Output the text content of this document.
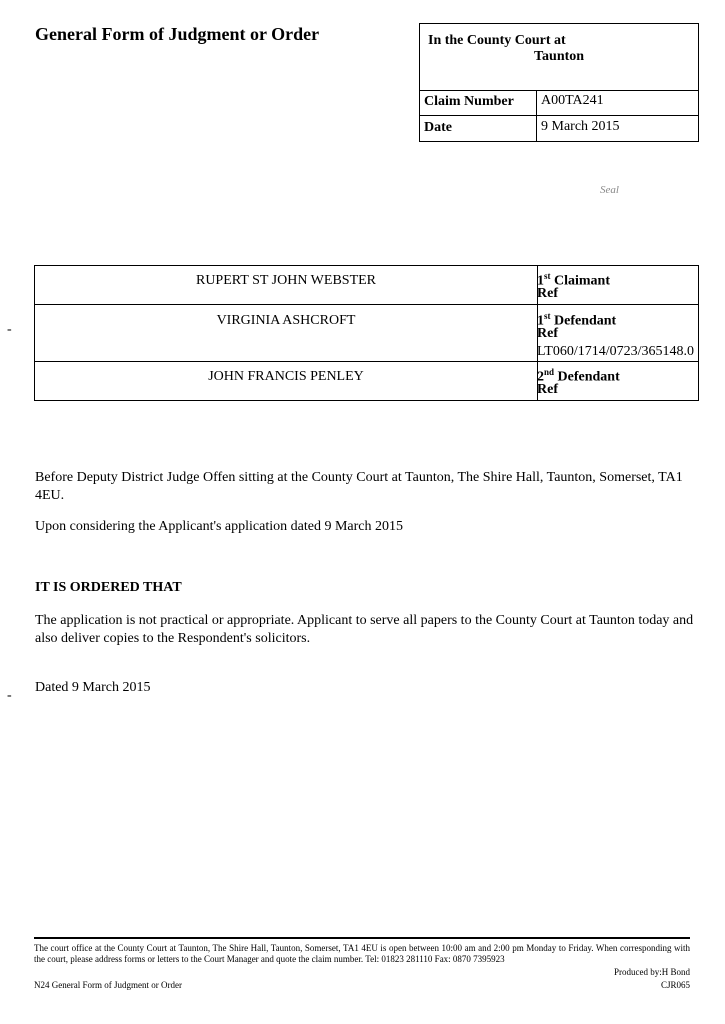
General Form of Judgment or Order	In the County Court at
Taunton
Claim Number A00TA241
Date	9 March 2015
Seal
RUPERT ST JOHN WEBSTER	1st Claimant
Ref
VIRGINIA ASHCROFT	1st Defendant
Ref
LT060/1714/0723/365148.0
JOHN FRANCIS PENLEY	2nd Defendant
Ref
-
Before Deputy District Judge Offen sitting at the County Court at Taunton, The Shire Hall, Taunton, Somerset, TA1 4EU.
Upon considering the Applicant's application dated 9 March 2015
IT IS ORDERED THAT
The application is not practical or appropriate. Applicant to serve all papers to the County Court at Taunton today and also deliver copies to the Respondent's solicitors.
Dated 9 March 2015
-
The court office at the County Court at Taunton, The Shire Hall, Taunton, Somerset, TA1 4EU is open between 10:00 am and 2:00 pm Monday to Friday. When corresponding with the court, please address forms or letters to the Court Manager and quote the claim number. Tel: 01823 281110 Fax: 0870 7395923
Produced by:H Bond
N24 General Form of Judgment or Order	CJR065
